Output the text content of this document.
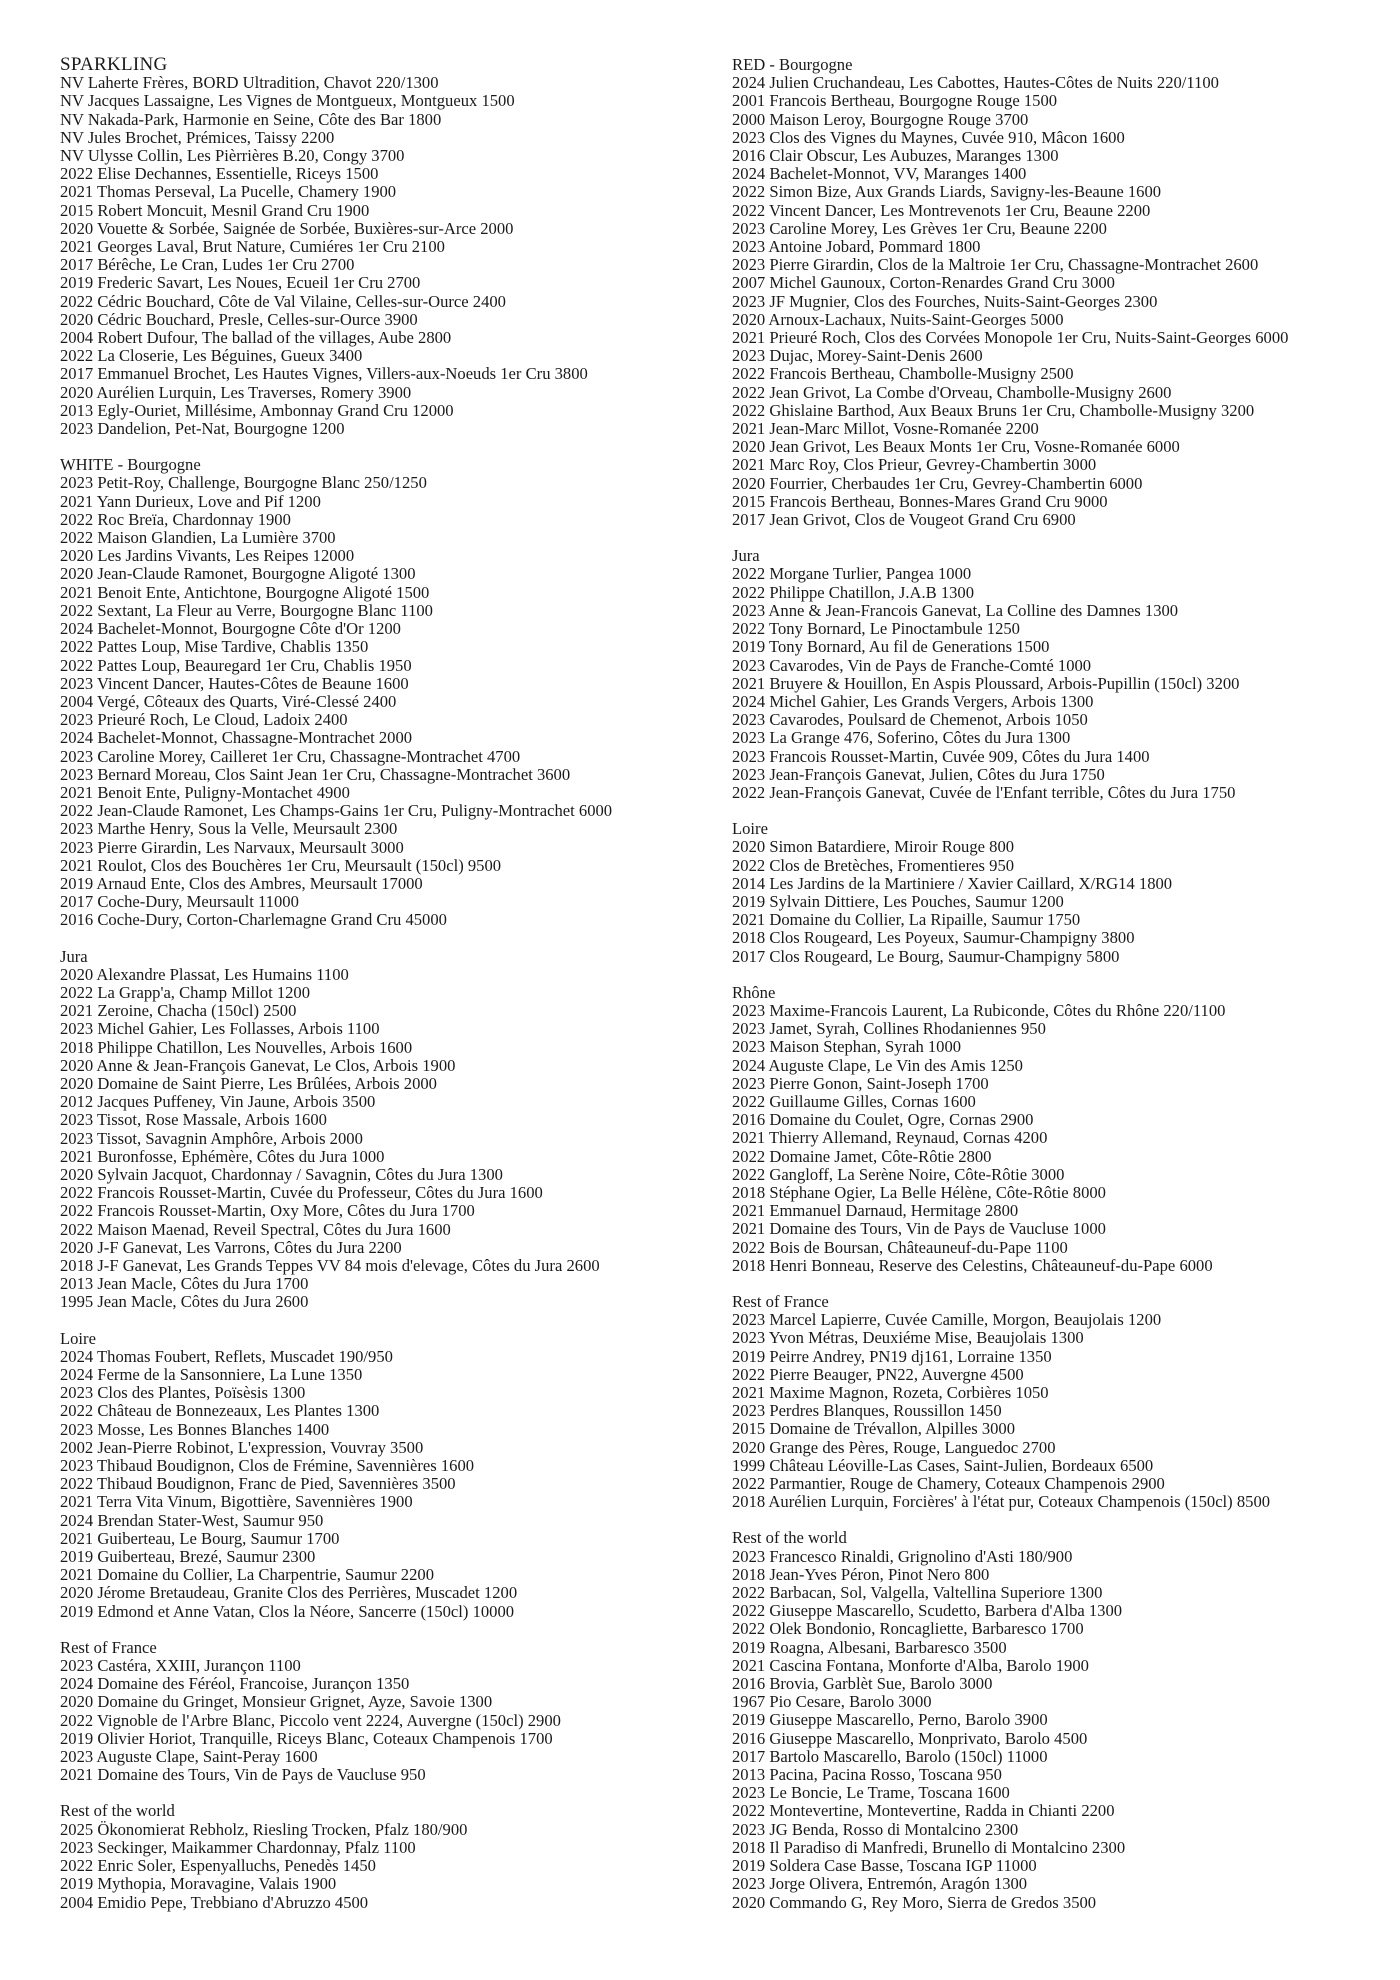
SPARKLING
NV Laherte Frères, BORD Ultradition, Chavot 220/1300
NV Jacques Lassaigne, Les Vignes de Montgueux, Montgueux 1500
NV Nakada-Park, Harmonie en Seine, Côte des Bar 1800
NV Jules Brochet, Prémices, Taissy 2200
NV Ulysse Collin, Les Pièrrières B.20, Congy 3700
2022 Elise Dechannes, Essentielle, Riceys 1500
2021 Thomas Perseval, La Pucelle, Chamery 1900
2015 Robert Moncuit, Mesnil Grand Cru 1900
2020 Vouette & Sorbée, Saignée de Sorbée, Buxières-sur-Arce 2000
2021 Georges Laval, Brut Nature, Cumiéres 1er Cru 2100
2017 Bérêche, Le Cran, Ludes 1er Cru 2700
2019 Frederic Savart, Les Noues, Ecueil 1er Cru 2700
2022 Cédric Bouchard, Côte de Val Vilaine, Celles-sur-Ource 2400
2020 Cédric Bouchard, Presle, Celles-sur-Ource 3900
2004 Robert Dufour, The ballad of the villages, Aube 2800
2022 La Closerie, Les Béguines, Gueux 3400
2017 Emmanuel Brochet, Les Hautes Vignes, Villers-aux-Noeuds 1er Cru 3800
2020 Aurélien Lurquin, Les Traverses, Romery 3900
2013 Egly-Ouriet, Millésime, Ambonnay Grand Cru 12000
2023 Dandelion, Pet-Nat, Bourgogne 1200
WHITE - Bourgogne
2023 Petit-Roy, Challenge, Bourgogne Blanc 250/1250
2021 Yann Durieux, Love and Pif 1200
2022 Roc Breïa, Chardonnay 1900
2022 Maison Glandien, La Lumière 3700
2020 Les Jardins Vivants, Les Reipes 12000
2020 Jean-Claude Ramonet, Bourgogne Aligoté 1300
2021 Benoit Ente, Antichtone, Bourgogne Aligoté 1500
2022 Sextant, La Fleur au Verre, Bourgogne Blanc 1100
2024 Bachelet-Monnot, Bourgogne Côte d'Or 1200
2022 Pattes Loup, Mise Tardive, Chablis 1350
2022 Pattes Loup, Beauregard 1er Cru, Chablis 1950
2023 Vincent Dancer, Hautes-Côtes de Beaune 1600
2004 Vergé, Côteaux des Quarts, Viré-Clessé 2400
2023 Prieuré Roch, Le Cloud, Ladoix 2400
2024 Bachelet-Monnot, Chassagne-Montrachet 2000
2023 Caroline Morey, Cailleret 1er Cru, Chassagne-Montrachet 4700
2023 Bernard Moreau, Clos Saint Jean 1er Cru, Chassagne-Montrachet 3600
2021 Benoit Ente, Puligny-Montachet 4900
2022 Jean-Claude Ramonet, Les Champs-Gains 1er Cru, Puligny-Montrachet 6000
2023 Marthe Henry, Sous la Velle, Meursault 2300
2023 Pierre Girardin, Les Narvaux, Meursault 3000
2021 Roulot, Clos des Bouchères 1er Cru, Meursault (150cl) 9500
2019 Arnaud Ente, Clos des Ambres, Meursault 17000
2017 Coche-Dury, Meursault 11000
2016 Coche-Dury, Corton-Charlemagne Grand Cru 45000
Jura
2020 Alexandre Plassat, Les Humains 1100
2022 La Grapp'a, Champ Millot 1200
2021 Zeroine, Chacha (150cl) 2500
2023 Michel Gahier, Les Follasses, Arbois 1100
2018 Philippe Chatillon, Les Nouvelles, Arbois 1600
2020 Anne & Jean-François Ganevat, Le Clos, Arbois 1900
2020 Domaine de Saint Pierre, Les Brûlées, Arbois 2000
2012 Jacques Puffeney, Vin Jaune, Arbois 3500
2023 Tissot, Rose Massale, Arbois 1600
2023 Tissot, Savagnin Amphôre, Arbois 2000
2021 Buronfosse, Ephémère, Côtes du Jura 1000
2020 Sylvain Jacquot, Chardonnay / Savagnin, Côtes du Jura 1300
2022 Francois Rousset-Martin, Cuvée du Professeur, Côtes du Jura 1600
2022 Francois Rousset-Martin, Oxy More, Côtes du Jura 1700
2022 Maison Maenad, Reveil Spectral, Côtes du Jura 1600
2020 J-F Ganevat, Les Varrons, Côtes du Jura 2200
2018 J-F Ganevat, Les Grands Teppes VV 84 mois d'elevage, Côtes du Jura 2600
2013 Jean Macle, Côtes du Jura 1700
1995 Jean Macle, Côtes du Jura 2600
Loire
2024 Thomas Foubert, Reflets, Muscadet 190/950
2024 Ferme de la Sansonniere, La Lune 1350
2023 Clos des Plantes, Poïsèsis 1300
2022 Château de Bonnezeaux, Les Plantes 1300
2023 Mosse, Les Bonnes Blanches 1400
2002 Jean-Pierre Robinot, L'expression, Vouvray 3500
2023 Thibaud Boudignon, Clos de Frémine, Savennières 1600
2022 Thibaud Boudignon, Franc de Pied, Savennières 3500
2021 Terra Vita Vinum, Bigottière, Savennières 1900
2024 Brendan Stater-West, Saumur 950
2021 Guiberteau, Le Bourg, Saumur 1700
2019 Guiberteau, Brezé, Saumur 2300
2021 Domaine du Collier, La Charpentrie, Saumur 2200
2020 Jérome Bretaudeau, Granite Clos des Perrières, Muscadet 1200
2019 Edmond et Anne Vatan, Clos la Néore, Sancerre (150cl) 10000
Rest of France
2023 Castéra, XXIII, Jurançon 1100
2024 Domaine des Féréol, Francoise, Jurançon 1350
2020 Domaine du Gringet, Monsieur Grignet, Ayze, Savoie 1300
2022 Vignoble de l'Arbre Blanc, Piccolo vent 2224, Auvergne (150cl) 2900
2019 Olivier Horiot, Tranquille, Riceys Blanc, Coteaux Champenois 1700
2023 Auguste Clape, Saint-Peray 1600
2021 Domaine des Tours, Vin de Pays de Vaucluse 950
Rest of the world
2025 Ökonomierat Rebholz, Riesling Trocken, Pfalz 180/900
2023 Seckinger, Maikammer Chardonnay, Pfalz 1100
2022 Enric Soler, Espenyalluchs, Penedès 1450
2019 Mythopia, Moravagine, Valais 1900
2004 Emidio Pepe, Trebbiano d'Abruzzo 4500
RED - Bourgogne
2024 Julien Cruchandeau, Les Cabottes, Hautes-Côtes de Nuits 220/1100
2001 Francois Bertheau, Bourgogne Rouge 1500
2000 Maison Leroy, Bourgogne Rouge 3700
2023 Clos des Vignes du Maynes, Cuvée 910, Mâcon 1600
2016 Clair Obscur, Les Aubuzes, Maranges 1300
2024 Bachelet-Monnot, VV, Maranges 1400
2022 Simon Bize, Aux Grands Liards, Savigny-les-Beaune 1600
2022 Vincent Dancer, Les Montrevenots 1er Cru, Beaune 2200
2023 Caroline Morey, Les Grèves 1er Cru, Beaune 2200
2023 Antoine Jobard, Pommard 1800
2023 Pierre Girardin, Clos de la Maltroie 1er Cru, Chassagne-Montrachet 2600
2007 Michel Gaunoux, Corton-Renardes Grand Cru 3000
2023 JF Mugnier, Clos des Fourches, Nuits-Saint-Georges 2300
2020 Arnoux-Lachaux, Nuits-Saint-Georges 5000
2021 Prieuré Roch, Clos des Corvées Monopole 1er Cru, Nuits-Saint-Georges 6000
2023 Dujac, Morey-Saint-Denis 2600
2022 Francois Bertheau, Chambolle-Musigny 2500
2022 Jean Grivot, La Combe d'Orveau, Chambolle-Musigny 2600
2022 Ghislaine Barthod, Aux Beaux Bruns 1er Cru, Chambolle-Musigny 3200
2021 Jean-Marc Millot, Vosne-Romanée 2200
2020 Jean Grivot, Les Beaux Monts 1er Cru, Vosne-Romanée 6000
2021 Marc Roy, Clos Prieur, Gevrey-Chambertin 3000
2020 Fourrier, Cherbaudes 1er Cru, Gevrey-Chambertin 6000
2015 Francois Bertheau, Bonnes-Mares Grand Cru 9000
2017 Jean Grivot, Clos de Vougeot Grand Cru 6900
Jura
2022 Morgane Turlier, Pangea 1000
2022 Philippe Chatillon, J.A.B 1300
2023 Anne & Jean-Francois Ganevat, La Colline des Damnes 1300
2022 Tony Bornard, Le Pinoctambule 1250
2019 Tony Bornard, Au fil de Generations 1500
2023 Cavarodes, Vin de Pays de Franche-Comté 1000
2021 Bruyere & Houillon, En Aspis Ploussard, Arbois-Pupillin (150cl) 3200
2024 Michel Gahier, Les Grands Vergers, Arbois 1300
2023 Cavarodes, Poulsard de Chemenot, Arbois 1050
2023 La Grange 476, Soferino, Côtes du Jura 1300
2023 Francois Rousset-Martin, Cuvée 909, Côtes du Jura 1400
2023 Jean-François Ganevat, Julien, Côtes du Jura 1750
2022 Jean-François Ganevat, Cuvée de l'Enfant terrible, Côtes du Jura 1750
Loire
2020 Simon Batardiere, Miroir Rouge 800
2022 Clos de Bretèches, Fromentieres 950
2014 Les Jardins de la Martiniere / Xavier Caillard, X/RG14 1800
2019 Sylvain Dittiere, Les Pouches, Saumur 1200
2021 Domaine du Collier, La Ripaille, Saumur 1750
2018 Clos Rougeard, Les Poyeux, Saumur-Champigny 3800
2017 Clos Rougeard, Le Bourg, Saumur-Champigny 5800
Rhône
2023 Maxime-Francois Laurent, La Rubiconde, Côtes du Rhône 220/1100
2023 Jamet, Syrah, Collines Rhodaniennes 950
2023 Maison Stephan, Syrah 1000
2024 Auguste Clape, Le Vin des Amis 1250
2023 Pierre Gonon, Saint-Joseph 1700
2022 Guillaume Gilles, Cornas 1600
2016 Domaine du Coulet, Ogre, Cornas 2900
2021 Thierry Allemand, Reynaud, Cornas 4200
2022 Domaine Jamet, Côte-Rôtie 2800
2022 Gangloff, La Serène Noire, Côte-Rôtie 3000
2018 Stéphane Ogier, La Belle Hélène, Côte-Rôtie 8000
2021 Emmanuel Darnaud, Hermitage 2800
2021 Domaine des Tours, Vin de Pays de Vaucluse 1000
2022 Bois de Boursan, Châteauneuf-du-Pape 1100
2018 Henri Bonneau, Reserve des Celestins, Châteauneuf-du-Pape 6000
Rest of France
2023 Marcel Lapierre, Cuvée Camille, Morgon, Beaujolais 1200
2023 Yvon Métras, Deuxiéme Mise, Beaujolais 1300
2019 Peirre Andrey, PN19 dj161, Lorraine 1350
2022 Pierre Beauger, PN22, Auvergne 4500
2021 Maxime Magnon, Rozeta, Corbières 1050
2023 Perdres Blanques, Roussillon 1450
2015 Domaine de Trévallon, Alpilles 3000
2020 Grange des Pères, Rouge, Languedoc 2700
1999 Château Léoville-Las Cases, Saint-Julien, Bordeaux 6500
2022 Parmantier, Rouge de Chamery, Coteaux Champenois 2900
2018 Aurélien Lurquin, Forcières' à l'état pur, Coteaux Champenois (150cl) 8500
Rest of the world
2023 Francesco Rinaldi, Grignolino d'Asti 180/900
2018 Jean-Yves Péron, Pinot Nero 800
2022 Barbacan, Sol, Valgella, Valtellina Superiore 1300
2022 Giuseppe Mascarello, Scudetto, Barbera d'Alba 1300
2022 Olek Bondonio, Roncagliette, Barbaresco 1700
2019 Roagna, Albesani, Barbaresco 3500
2021 Cascina Fontana, Monforte d'Alba, Barolo 1900
2016 Brovia, Garblèt Sue, Barolo 3000
1967 Pio Cesare, Barolo 3000
2019 Giuseppe Mascarello, Perno, Barolo 3900
2016 Giuseppe Mascarello, Monprivato, Barolo 4500
2017 Bartolo Mascarello, Barolo (150cl) 11000
2013 Pacina, Pacina Rosso, Toscana 950
2023 Le Boncie, Le Trame, Toscana 1600
2022 Montevertine, Montevertine, Radda in Chianti 2200
2023 JG Benda, Rosso di Montalcino 2300
2018 Il Paradiso di Manfredi, Brunello di Montalcino 2300
2019 Soldera Case Basse, Toscana IGP 11000
2023 Jorge Olivera, Entremón, Aragón 1300
2020 Commando G, Rey Moro, Sierra de Gredos 3500
